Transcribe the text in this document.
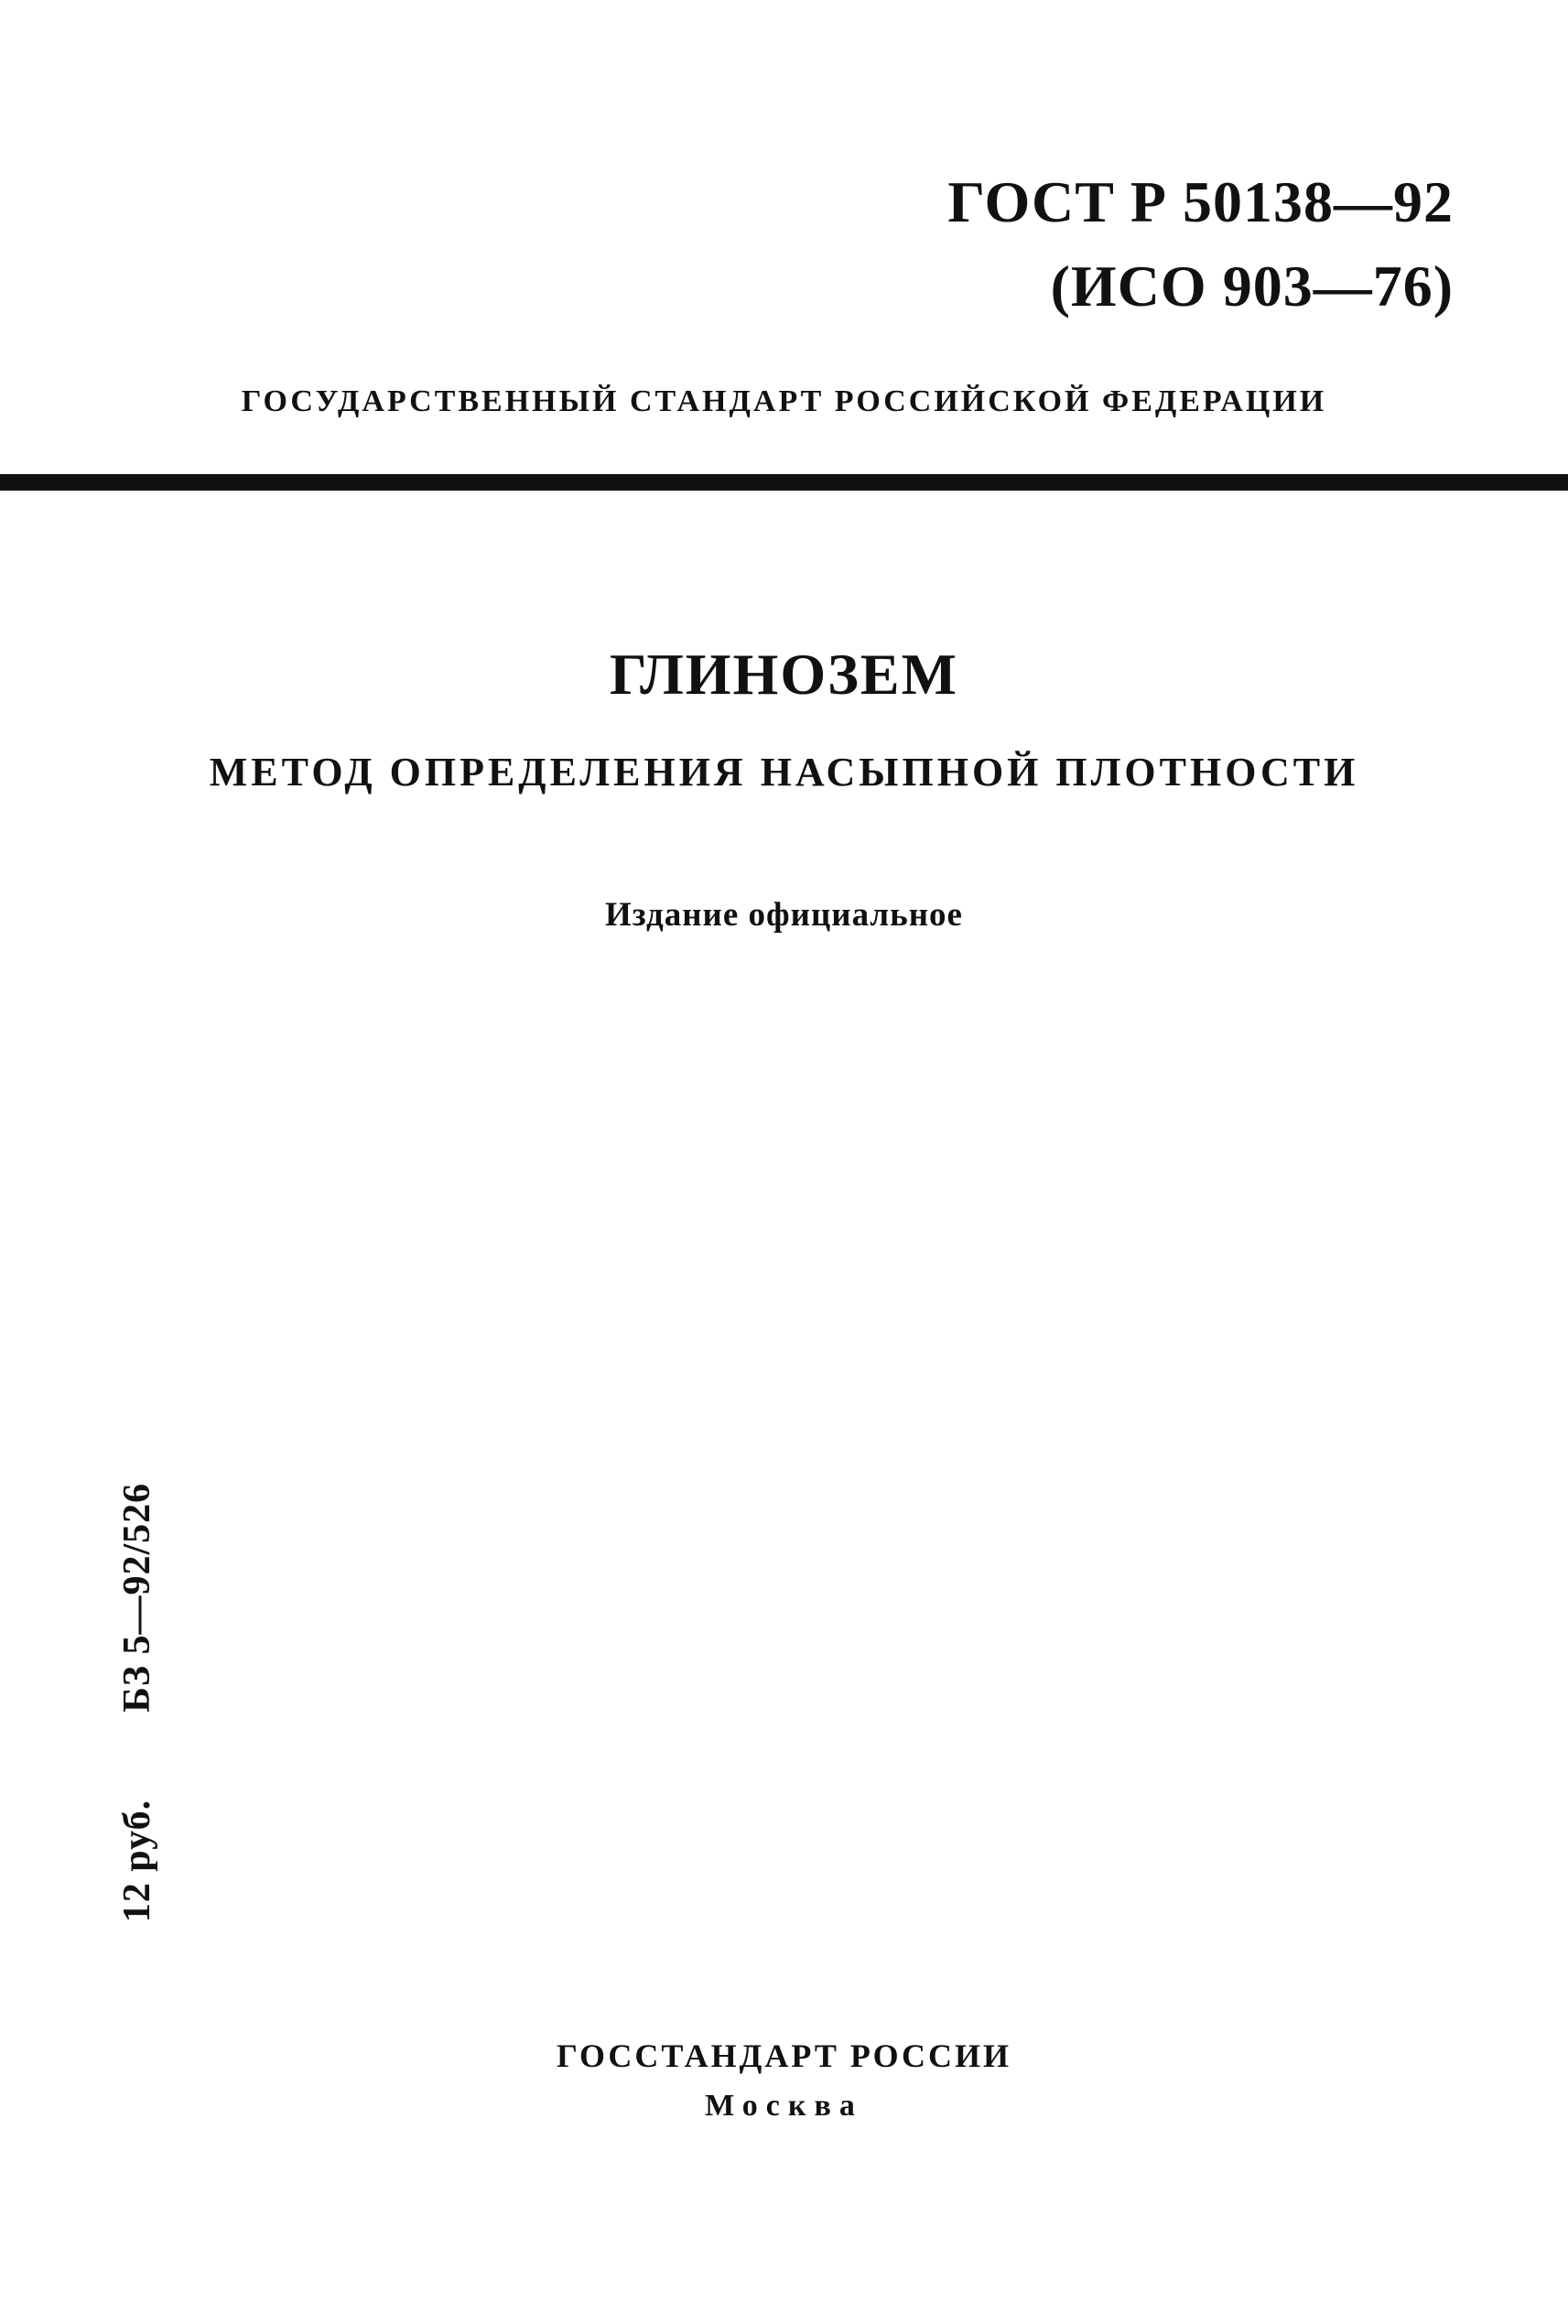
ГОСТ Р 50138—92
(ИСО 903—76)
ГОСУДАРСТВЕННЫЙ СТАНДАРТ РОССИЙСКОЙ ФЕДЕРАЦИИ
ГЛИНОЗЕМ
МЕТОД ОПРЕДЕЛЕНИЯ НАСЫПНОЙ ПЛОТНОСТИ
Издание официальное
12 руб.БЗ 5—92/526
ГОССТАНДАРТ РОССИИ
Москва
